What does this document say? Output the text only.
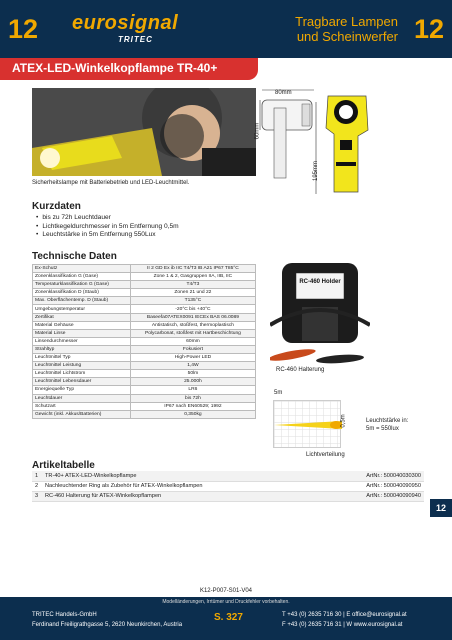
12 eurosignal
TRITEC
Tragbare Lampen
und Scheinwerfer 12
ATEX-LED-Winkelkopflampe TR-40+
Sicherheitslampe mit Batteriebetrieb und LED-Leuchtmittel.
Kurzdaten
• bis zu 72h Leuchtdauer
• Lichtkegeldurchmesser in 5m Entfernung 0,5m
• Leuchtstärke in 5m Entfernung 550Lux
Technische Daten
Ex-Schutz	II 2 GD Ex ib IIC T4/T3 IB A21 IP67 T85°C
Zonenklassifikation G (Gase)	Zone 1 & 2, Gasgruppen IIA, IIB, IIC
Temperaturklassifikation G (Gase)	T4/T3
Zonenklassifikation D (Staub)	Zonen 21 und 22
Max. Oberflächentemp. D (Staub)	T135°C
Umgebungstemperatur	-20°C bis +40°C
Zertifikat	Baseefa07ATEX0091 IECEx BAS 06.0089
Material Gehäuse	Antistatisch, stoßfest, thermoplastisch
Material Linse	Polycarbonat, stoßfest mit Hartbeschichtung
Linsendurchmesser	60mm
Strahltyp	Fokusiert
Leuchtmittel Typ	High-Power LED
Leuchtmittel Leistung	1,4W
Leuchtmittel Lichtstrom	50lm
Leuchtmittel Lebensdauer	25.000h
Energiequelle Typ	LR6
Leuchtdauer	bis 72h
Schutzart	IP67 nach EN60529; 1992
Gewicht (inkl. Akkus/Batterien)	0,350kg
80mm
60mm
195mm
RC-460 Holder
RC-460 Halterung
5m
0,5m	Leuchtstärke in:
5m = 550lux
Lichtverteilung
Artikeltabelle
1	TR-40+ ATEX-LED-Winkelkopflampe	ArtNr.: 500040030300
2	Nachleuchtender Ring als Zubehör für ATEX-Winkelkopflampen	ArtNr.: 500040090950
3	RC-460 Halterung für ATEX-Winkelkopflampen	ArtNr.: 500040090940
12
K12-P007-S01-V04
Modelländerungen, Irrtümer und Druckfehler vorbehalten.
TRITEC Handels-GmbH
Ferdinand Freiligrathgasse 5, 2620 Neunkirchen, Austria
S. 327	T +43 (0) 2635 716 30 | E office@eurosignal.at
F +43 (0) 2635 716 31 | W www.eurosignal.at
